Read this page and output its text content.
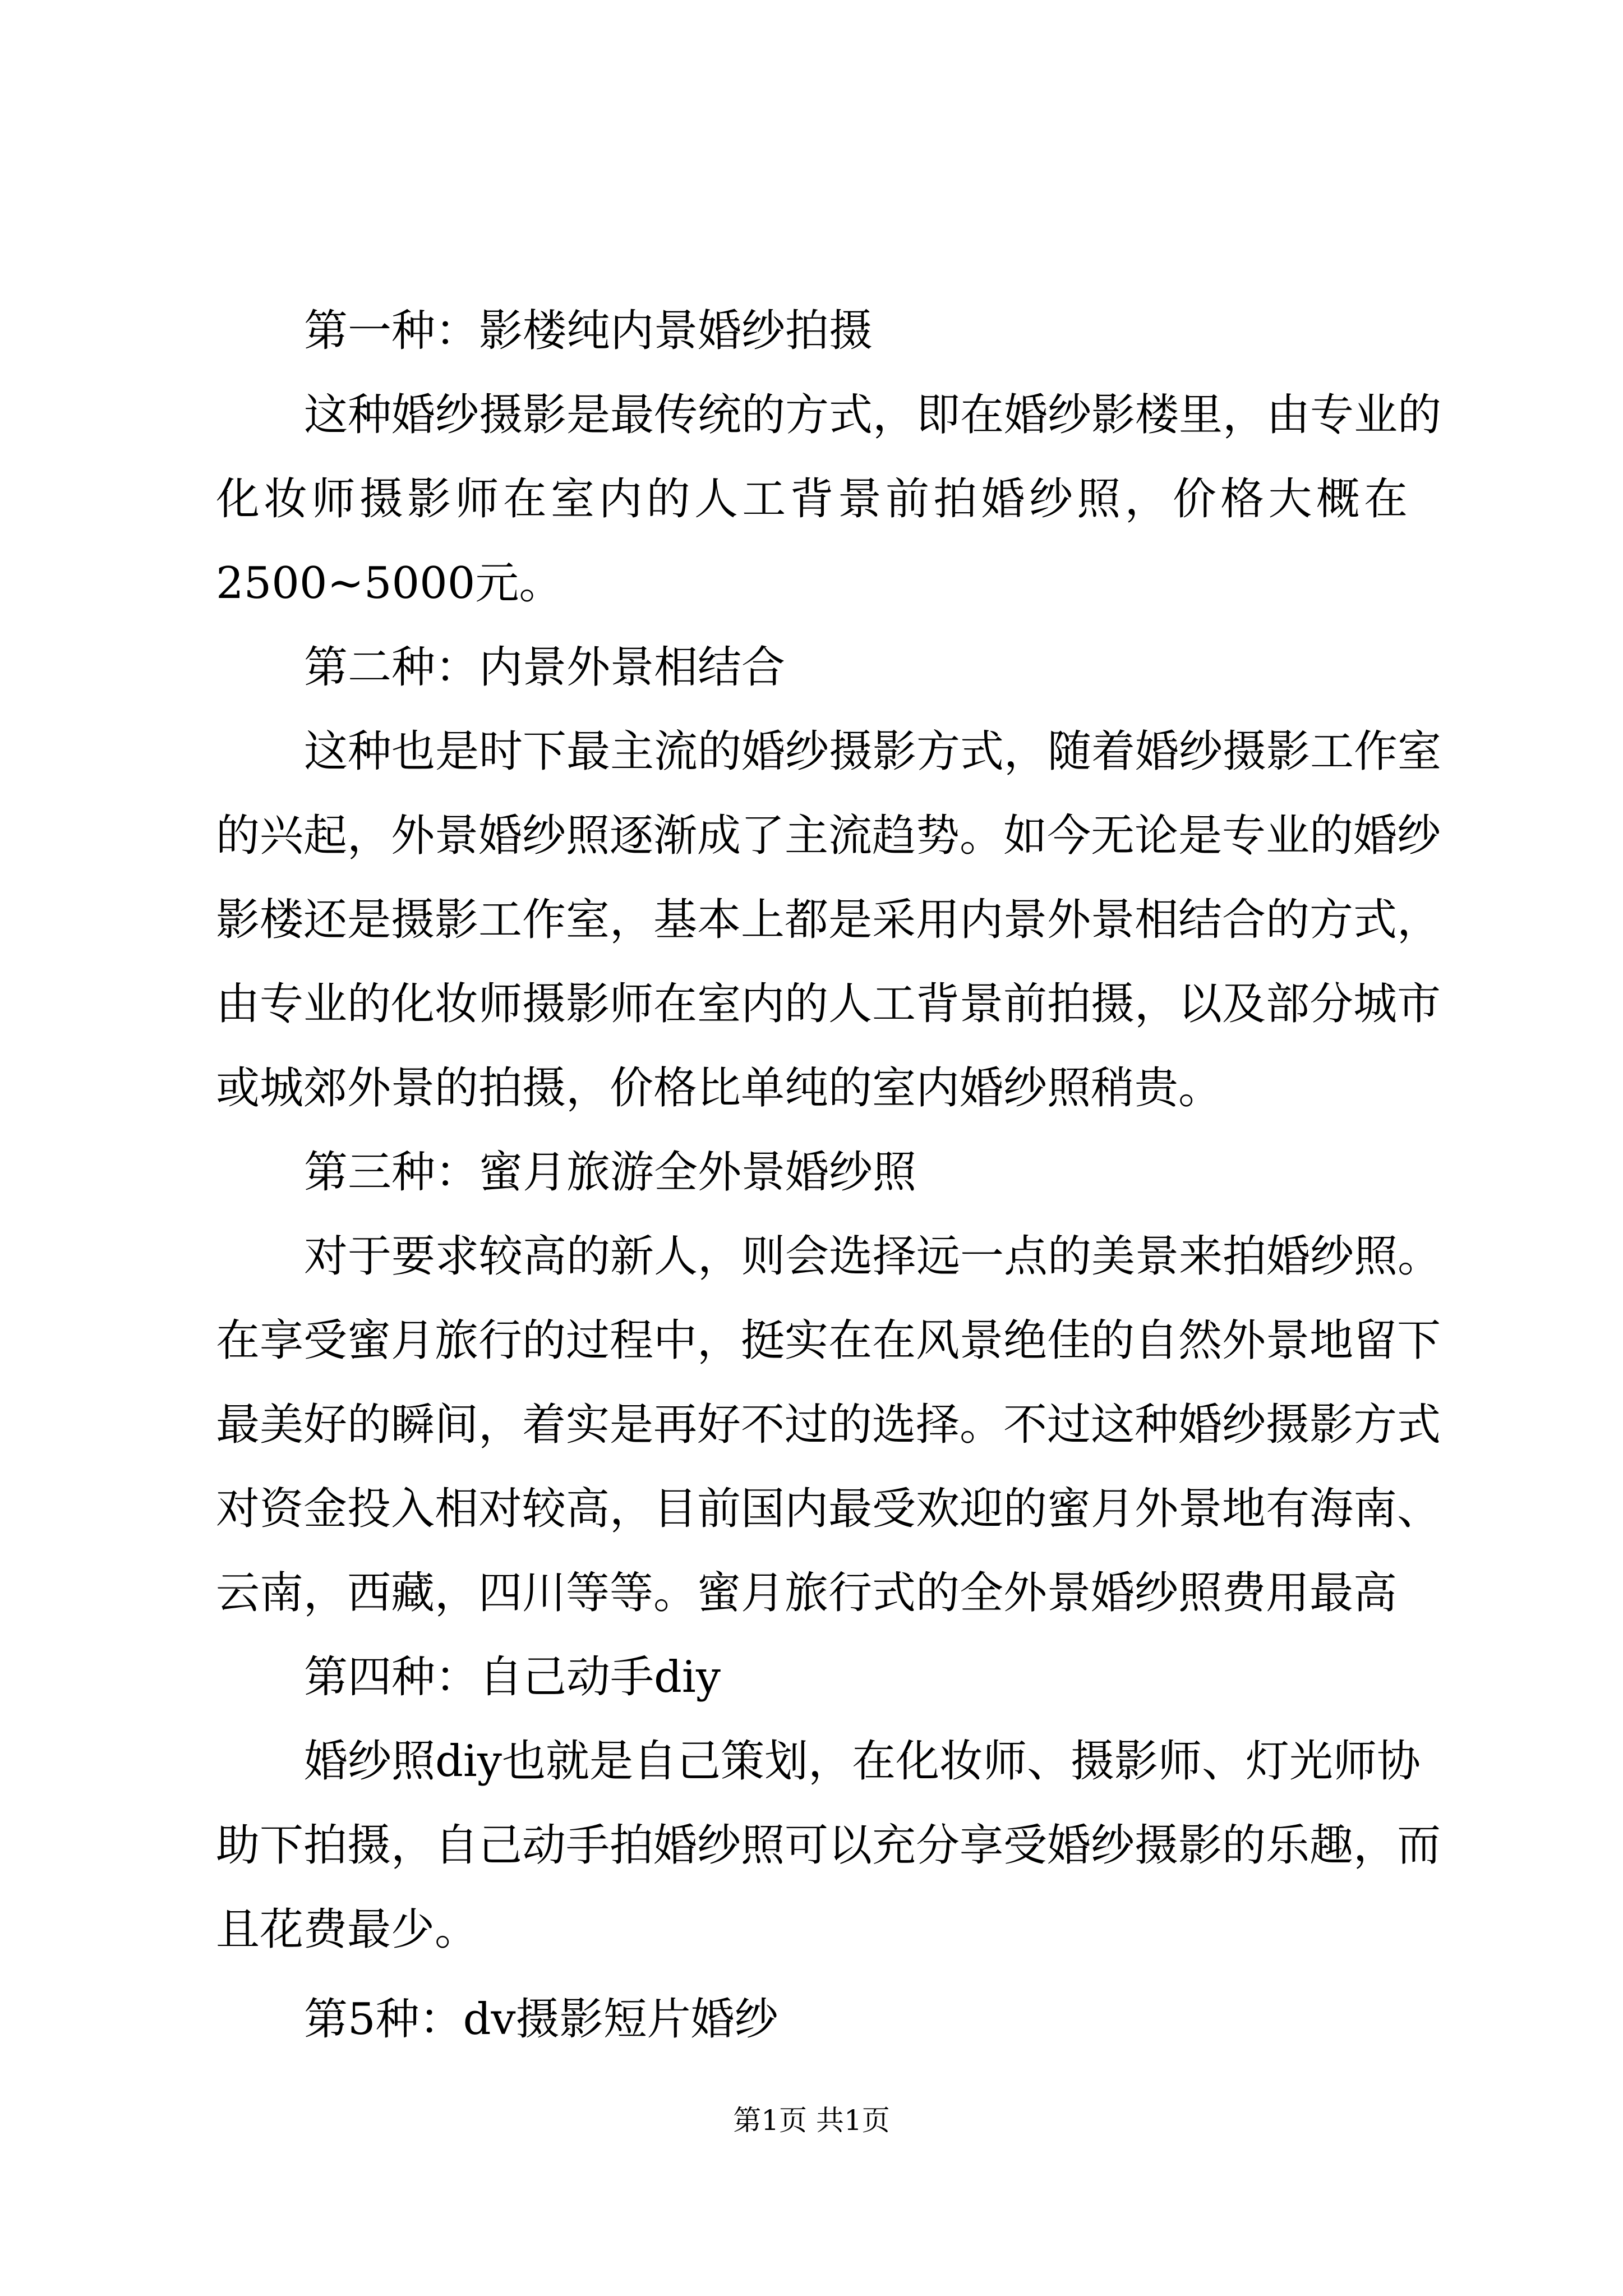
第一种：影楼纯内景婚纱拍摄
这种婚纱摄影是最传统的方式，即在婚纱影楼里，由专业的
化妆师摄影师在室内的人工背景前拍婚纱照，价格大概在
2500~5000元。
第二种：内景外景相结合
这种也是时下最主流的婚纱摄影方式，随着婚纱摄影工作室
的兴起，外景婚纱照逐渐成了主流趋势。如今无论是专业的婚纱
影楼还是摄影工作室，基本上都是采用内景外景相结合的方式，
由专业的化妆师摄影师在室内的人工背景前拍摄，以及部分城市
或城郊外景的拍摄，价格比单纯的室内婚纱照稍贵。
第三种：蜜月旅游全外景婚纱照
对于要求较高的新人，则会选择远一点的美景来拍婚纱照。
在享受蜜月旅行的过程中，挺实在在风景绝佳的自然外景地留下
最美好的瞬间，着实是再好不过的选择。不过这种婚纱摄影方式
对资金投入相对较高，目前国内最受欢迎的蜜月外景地有海南、
云南，西藏，四川等等。蜜月旅行式的全外景婚纱照费用最高
第四种：自己动手diy
婚纱照diy也就是自己策划，在化妆师、摄影师、灯光师协
助下拍摄，自己动手拍婚纱照可以充分享受婚纱摄影的乐趣，而
且花费最少。
第5种：dv摄影短片婚纱
第1页 共1页
